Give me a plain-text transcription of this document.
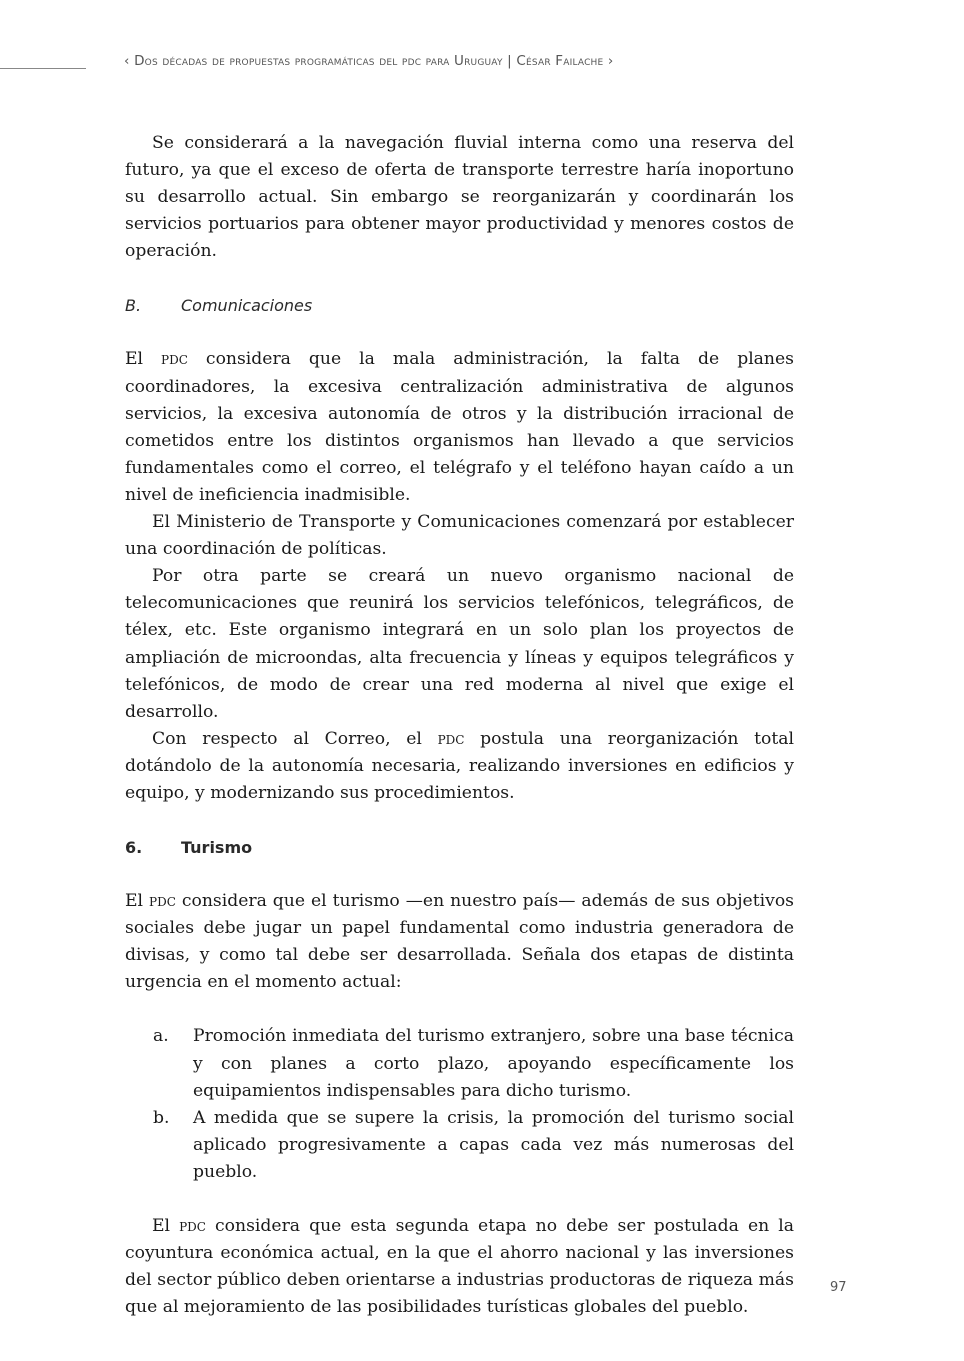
‹ Dos décadas de propuestas programáticas del pdc para Uruguay | César Failache ›

Se considerará a la navegación fluvial interna como una reserva del futuro, ya que el exceso de oferta de transporte terrestre haría inoportuno su desarrollo actual. Sin embargo se reorganizarán y coordinarán los servicios portuarios para obtener mayor productividad y menores costos de operación.

B.	Comunicaciones

El pdc considera que la mala administración, la falta de planes coordinadores, la excesiva centralización administrativa de algunos servicios, la excesiva autonomía de otros y la distribución irracional de cometidos entre los distintos organismos han llevado a que servicios fundamentales como el correo, el telégrafo y el teléfono hayan caído a un nivel de ineficiencia inadmisible.

El Ministerio de Transporte y Comunicaciones comenzará por establecer una coordinación de políticas.

Por otra parte se creará un nuevo organismo nacional de telecomunicaciones que reunirá los servicios telefónicos, telegráficos, de télex, etc. Este organismo integrará en un solo plan los proyectos de ampliación de microondas, alta frecuencia y líneas y equipos telegráficos y telefónicos, de modo de crear una red moderna al nivel que exige el desarrollo.

Con respecto al Correo, el pdc postula una reorganización total dotándolo de la autonomía necesaria, realizando inversiones en edificios y equipo, y modernizando sus procedimientos.

6.	Turismo

El pdc considera que el turismo —en nuestro país— además de sus objetivos sociales debe jugar un papel fundamental como industria generadora de divisas, y como tal debe ser desarrollada. Señala dos etapas de distinta urgencia en el momento actual:

a.	Promoción inmediata del turismo extranjero, sobre una base técnica y con planes a corto plazo, apoyando específicamente los equipamientos indispensables para dicho turismo.
b.	A medida que se supere la crisis, la promoción del turismo social aplicado progresivamente a capas cada vez más numerosas del pueblo.

El pdc considera que esta segunda etapa no debe ser postulada en la coyuntura económica actual, en la que el ahorro nacional y las inversiones del sector público deben orientarse a industrias productoras de riqueza más que al mejoramiento de las posibilidades turísticas globales del pueblo.

97
